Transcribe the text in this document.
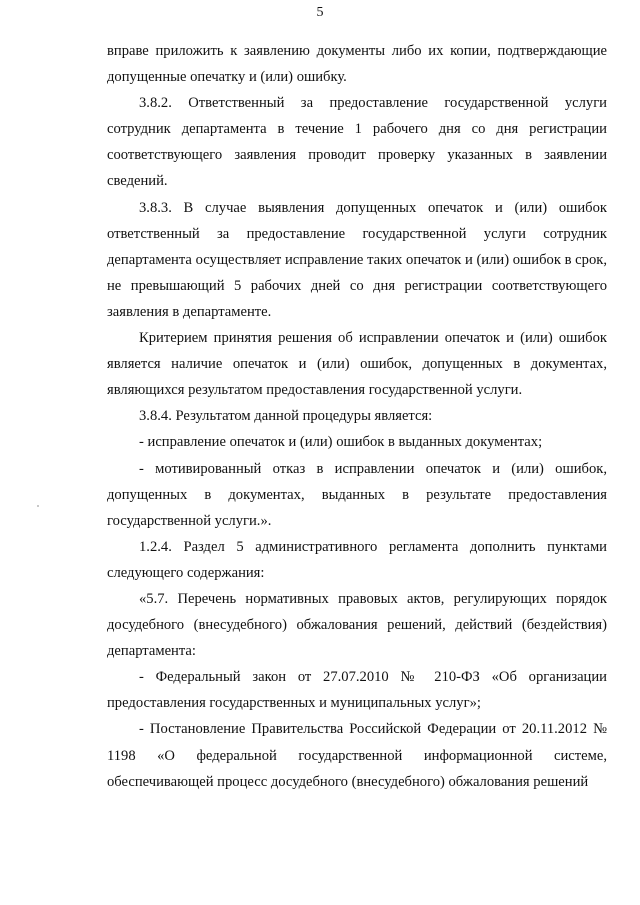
5

вправе приложить к заявлению документы либо их копии, подтверждающие допущенные опечатку и (или) ошибку.

3.8.2. Ответственный за предоставление государственной услуги сотрудник департамента в течение 1 рабочего дня со дня регистрации соответствующего заявления проводит проверку указанных в заявлении сведений.

3.8.3. В случае выявления допущенных опечаток и (или) ошибок ответственный за предоставление государственной услуги сотрудник департамента осуществляет исправление таких опечаток и (или) ошибок в срок, не превышающий 5 рабочих дней со дня регистрации соответствующего заявления в департаменте.

Критерием принятия решения об исправлении опечаток и (или) ошибок является наличие опечаток и (или) ошибок, допущенных в документах, являющихся результатом предоставления государственной услуги.

3.8.4. Результатом данной процедуры является:

- исправление опечаток и (или) ошибок в выданных документах;

- мотивированный отказ в исправлении опечаток и (или) ошибок, допущенных в документах, выданных в результате предоставления государственной услуги.».

1.2.4. Раздел 5 административного регламента дополнить пунктами следующего содержания:

«5.7. Перечень нормативных правовых актов, регулирующих порядок досудебного (внесудебного) обжалования решений, действий (бездействия) департамента:

- Федеральный закон от 27.07.2010 № 210-ФЗ «Об организации предоставления государственных и муниципальных услуг»;

- Постановление Правительства Российской Федерации от 20.11.2012 № 1198 «О федеральной государственной информационной системе, обеспечивающей процесс досудебного (внесудебного) обжалования решений
